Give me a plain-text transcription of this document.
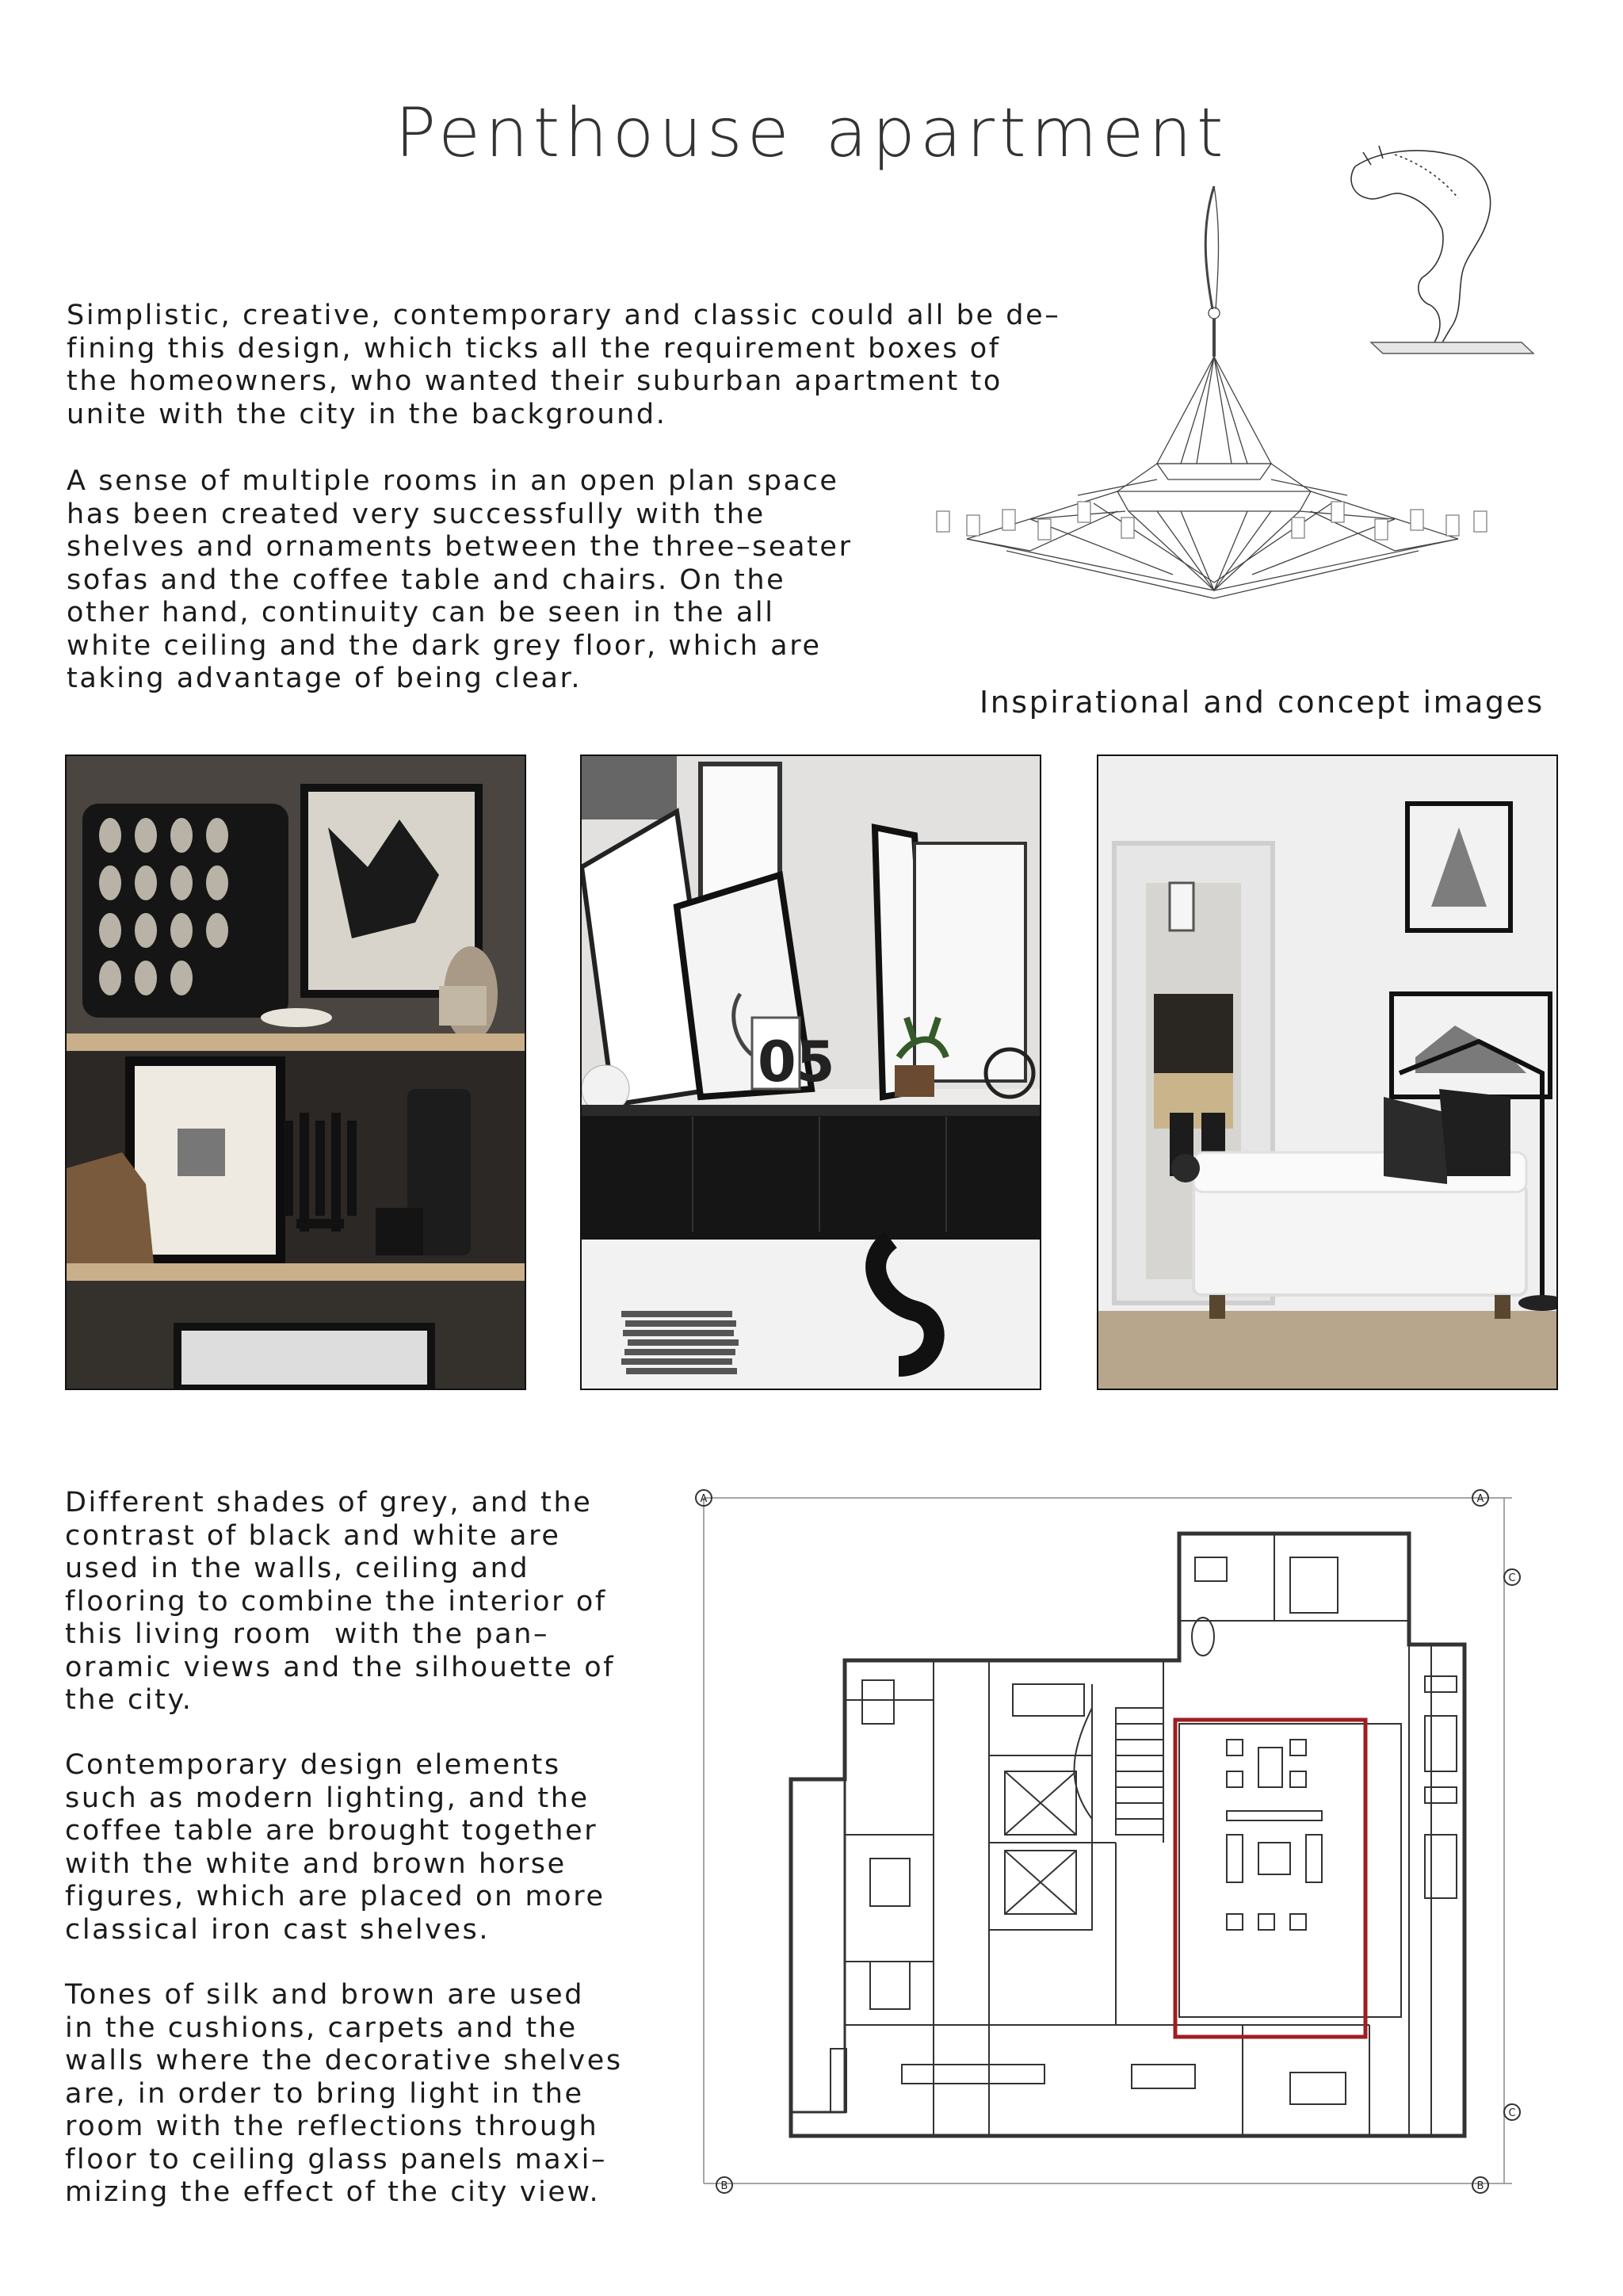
Penthouse apartment

Simplistic, creative, contemporary and classic could all be de–
fining this design, which ticks all the requirement boxes of
the homeowners, who wanted their suburban apartment to
unite with the city in the background.

A sense of multiple rooms in an open plan space
has been created very successfully with the
shelves and ornaments between the three–seater
sofas and the coffee table and chairs. On the
other hand, continuity can be seen in the all
white ceiling and the dark grey floor, which are
taking advantage of being clear.

Inspirational and concept images
05

Different shades of grey, and the
contrast of black and white are
used in the walls, ceiling and
flooring to combine the interior of
this living room  with the pan–
oramic views and the silhouette of
the city.

Contemporary design elements
such as modern lighting, and the
coffee table are brought together
with the white and brown horse
figures, which are placed on more
classical iron cast shelves.

Tones of silk and brown are used
in the cushions, carpets and the
walls where the decorative shelves
are, in order to bring light in the
room with the reflections through
floor to ceiling glass panels maxi–
mizing the effect of the city view.

A	A
C
C
B	B
